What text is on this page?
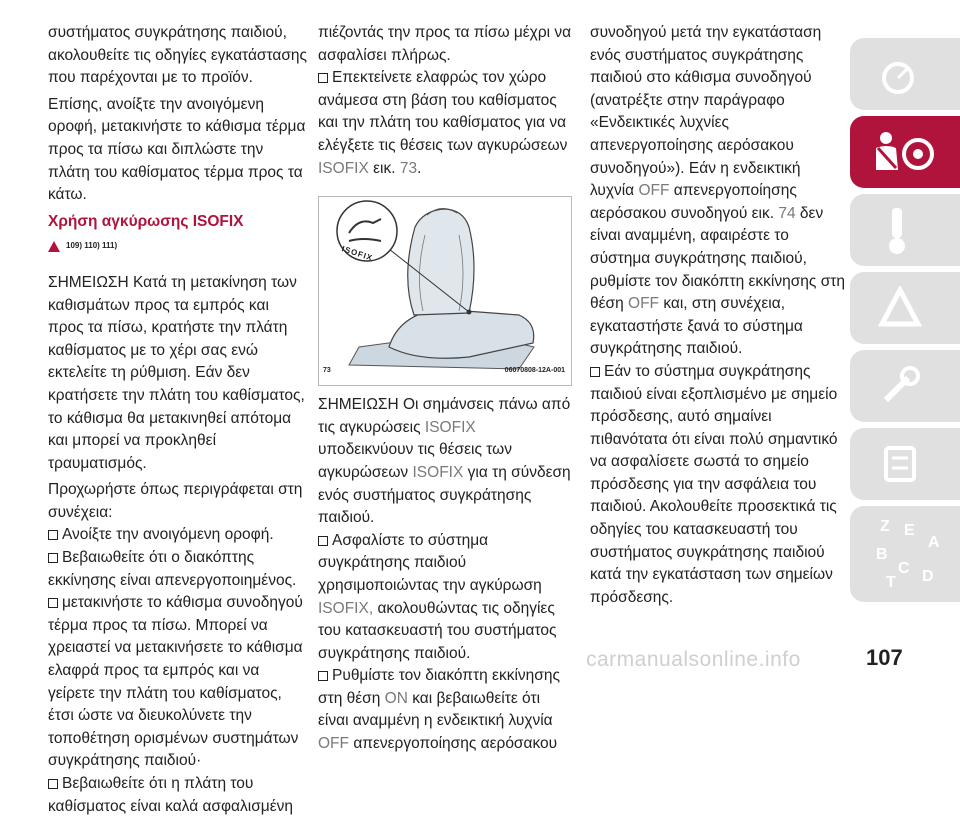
συστήματος συγκράτησης παιδιού, ακολουθείτε τις οδηγίες εγκατάστασης που παρέχονται με το προϊόν.

Επίσης, ανοίξτε την ανοιγόμενη οροφή, μετακινήστε το κάθισμα τέρμα προς τα πίσω και διπλώστε την πλάτη του καθίσματος τέρμα προς τα κάτω.

Χρήση αγκύρωσης ISOFIX

109) 110) 111)

ΣΗΜΕΙΩΣΗ Κατά τη μετακίνηση των καθισμάτων προς τα εμπρός και προς τα πίσω, κρατήστε την πλάτη καθίσματος με το χέρι σας ενώ εκτελείτε τη ρύθμιση. Εάν δεν κρατήσετε την πλάτη του καθίσματος, το κάθισμα θα μετακινηθεί απότομα και μπορεί να προκληθεί τραυματισμός.

Προχωρήστε όπως περιγράφεται στη συνέχεια:

Ανοίξτε την ανοιγόμενη οροφή.

Βεβαιωθείτε ότι ο διακόπτης εκκίνησης είναι απενεργοποιημένος.

μετακινήστε το κάθισμα συνοδηγού τέρμα προς τα πίσω. Μπορεί να χρειαστεί να μετακινήσετε το κάθισμα ελαφρά προς τα εμπρός και να γείρετε την πλάτη του καθίσματος, έτσι ώστε να διευκολύνετε την τοποθέτηση ορισμένων συστημάτων συγκράτησης παιδιού·

Βεβαιωθείτε ότι η πλάτη του καθίσματος είναι καλά ασφαλισμένη

πιέζοντάς την προς τα πίσω μέχρι να ασφαλίσει πλήρως.

Επεκτείνετε ελαφρώς τον χώρο ανάμεσα στη βάση του καθίσματος και την πλάτη του καθίσματος για να ελέγξετε τις θέσεις των αγκυρώσεων ISOFIX εικ. 73.

ISOFIX
73	06070808-12A-001

ΣΗΜΕΙΩΣΗ Οι σημάνσεις πάνω από τις αγκυρώσεις ISOFIX υποδεικνύουν τις θέσεις των αγκυρώσεων ISOFIX για τη σύνδεση ενός συστήματος συγκράτησης παιδιού.

Ασφαλίστε το σύστημα συγκράτησης παιδιού χρησιμοποιώντας την αγκύρωση ISOFIX, ακολουθώντας τις οδηγίες του κατασκευαστή του συστήματος συγκράτησης παιδιού.

Ρυθμίστε τον διακόπτη εκκίνησης στη θέση ON και βεβαιωθείτε ότι είναι αναμμένη η ενδεικτική λυχνία OFF απενεργοποίησης αερόσακου

συνοδηγού μετά την εγκατάσταση ενός συστήματος συγκράτησης παιδιού στο κάθισμα συνοδηγού (ανατρέξτε στην παράγραφο «Ενδεικτικές λυχνίες απενεργοποίησης αερόσακου συνοδηγού»). Εάν η ενδεικτική λυχνία OFF απενεργοποίησης αερόσακου συνοδηγού εικ. 74 δεν είναι αναμμένη, αφαιρέστε το σύστημα συγκράτησης παιδιού, ρυθμίστε τον διακόπτη εκκίνησης στη θέση OFF και, στη συνέχεια, εγκαταστήστε ξανά το σύστημα συγκράτησης παιδιού.

Εάν το σύστημα συγκράτησης παιδιού είναι εξοπλισμένο με σημείο πρόσδεσης, αυτό σημαίνει πιθανότατα ότι είναι πολύ σημαντικό να ασφαλίσετε σωστά το σημείο πρόσδεσης για την ασφάλεια του παιδιού. Ακολουθείτε προσεκτικά τις οδηγίες του κατασκευαστή του συστήματος συγκράτησης παιδιού κατά την εγκατάσταση των σημείων πρόσδεσης.

Z E
A
B
C
T D
carmanualsonline.info	107
